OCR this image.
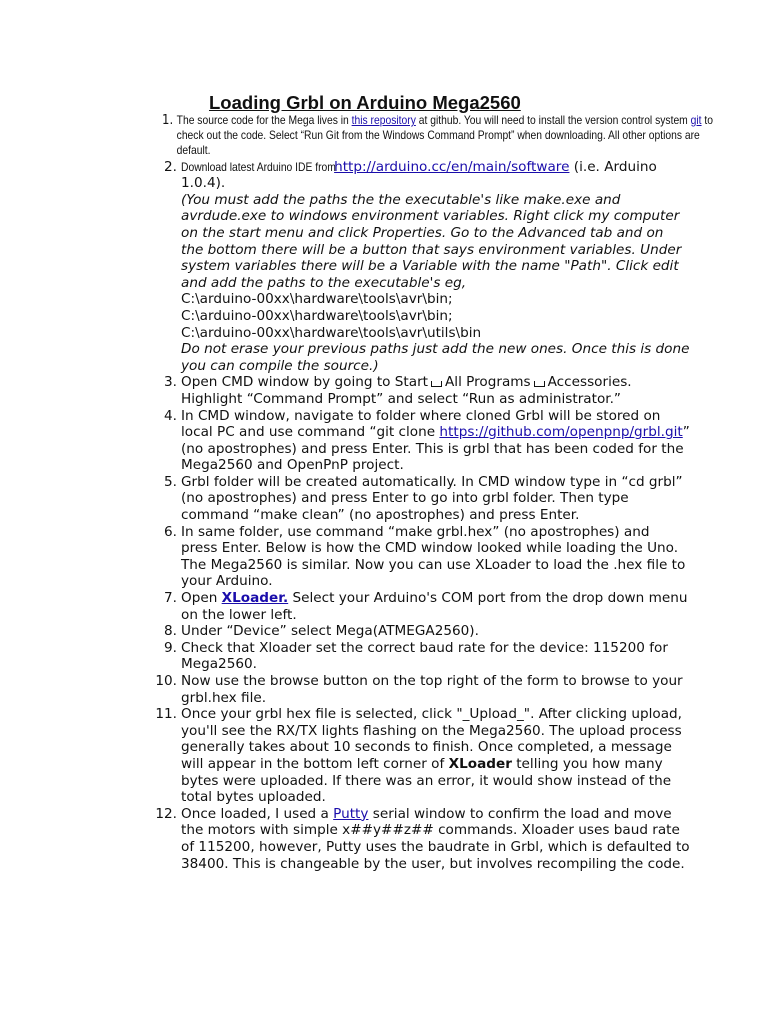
Loading Grbl on Arduino Mega2560
1. The source code for the Mega lives in this repository at github. You will need to install the version control system git to check out the code. Select “Run Git from the Windows Command Prompt” when downloading. All other options are default.
2. Download latest Arduino IDE fromhttp://arduino.cc/en/main/software (i.e. Arduino 1.0.4).
(You must add the paths the the executable's like make.exe and avrdude.exe to windows environment variables. Right click my computer on the start menu and click Properties. Go to the Advanced tab and on the bottom there will be a button that says environment variables. Under system variables there will be a Variable with the name "Path". Click edit and add the paths to the executable's eg,
C:\arduino-00xx\hardware\tools\avr\bin;
C:\arduino-00xx\hardware\tools\avr\bin;
C:\arduino-00xx\hardware\tools\avr\utils\bin
Do not erase your previous paths just add the new ones. Once this is done you can compile the source.)
3. Open CMD window by going to Start All Programs Accessories. Highlight “Command Prompt” and select “Run as administrator.”
4. In CMD window, navigate to folder where cloned Grbl will be stored on local PC and use command “git clone https://github.com/openpnp/grbl.git” (no apostrophes) and press Enter. This is grbl that has been coded for the Mega2560 and OpenPnP project.
5. Grbl folder will be created automatically. In CMD window type in “cd grbl” (no apostrophes) and press Enter to go into grbl folder. Then type command “make clean” (no apostrophes) and press Enter.
6. In same folder, use command “make grbl.hex” (no apostrophes) and press Enter. Below is how the CMD window looked while loading the Uno. The Mega2560 is similar. Now you can use XLoader to load the .hex file to your Arduino.
7. Open XLoader. Select your Arduino's COM port from the drop down menu on the lower left.
8. Under “Device” select Mega(ATMEGA2560).
9. Check that Xloader set the correct baud rate for the device: 115200 for Mega2560.
10. Now use the browse button on the top right of the form to browse to your grbl.hex file.
11. Once your grbl hex file is selected, click "_Upload_". After clicking upload, you'll see the RX/TX lights flashing on the Mega2560. The upload process generally takes about 10 seconds to finish. Once completed, a message will appear in the bottom left corner of XLoader telling you how many bytes were uploaded. If there was an error, it would show instead of the total bytes uploaded.
12. Once loaded, I used a Putty serial window to confirm the load and move the motors with simple x##y##z## commands. Xloader uses baud rate of 115200, however, Putty uses the baudrate in Grbl, which is defaulted to 38400. This is changeable by the user, but involves recompiling the code.
